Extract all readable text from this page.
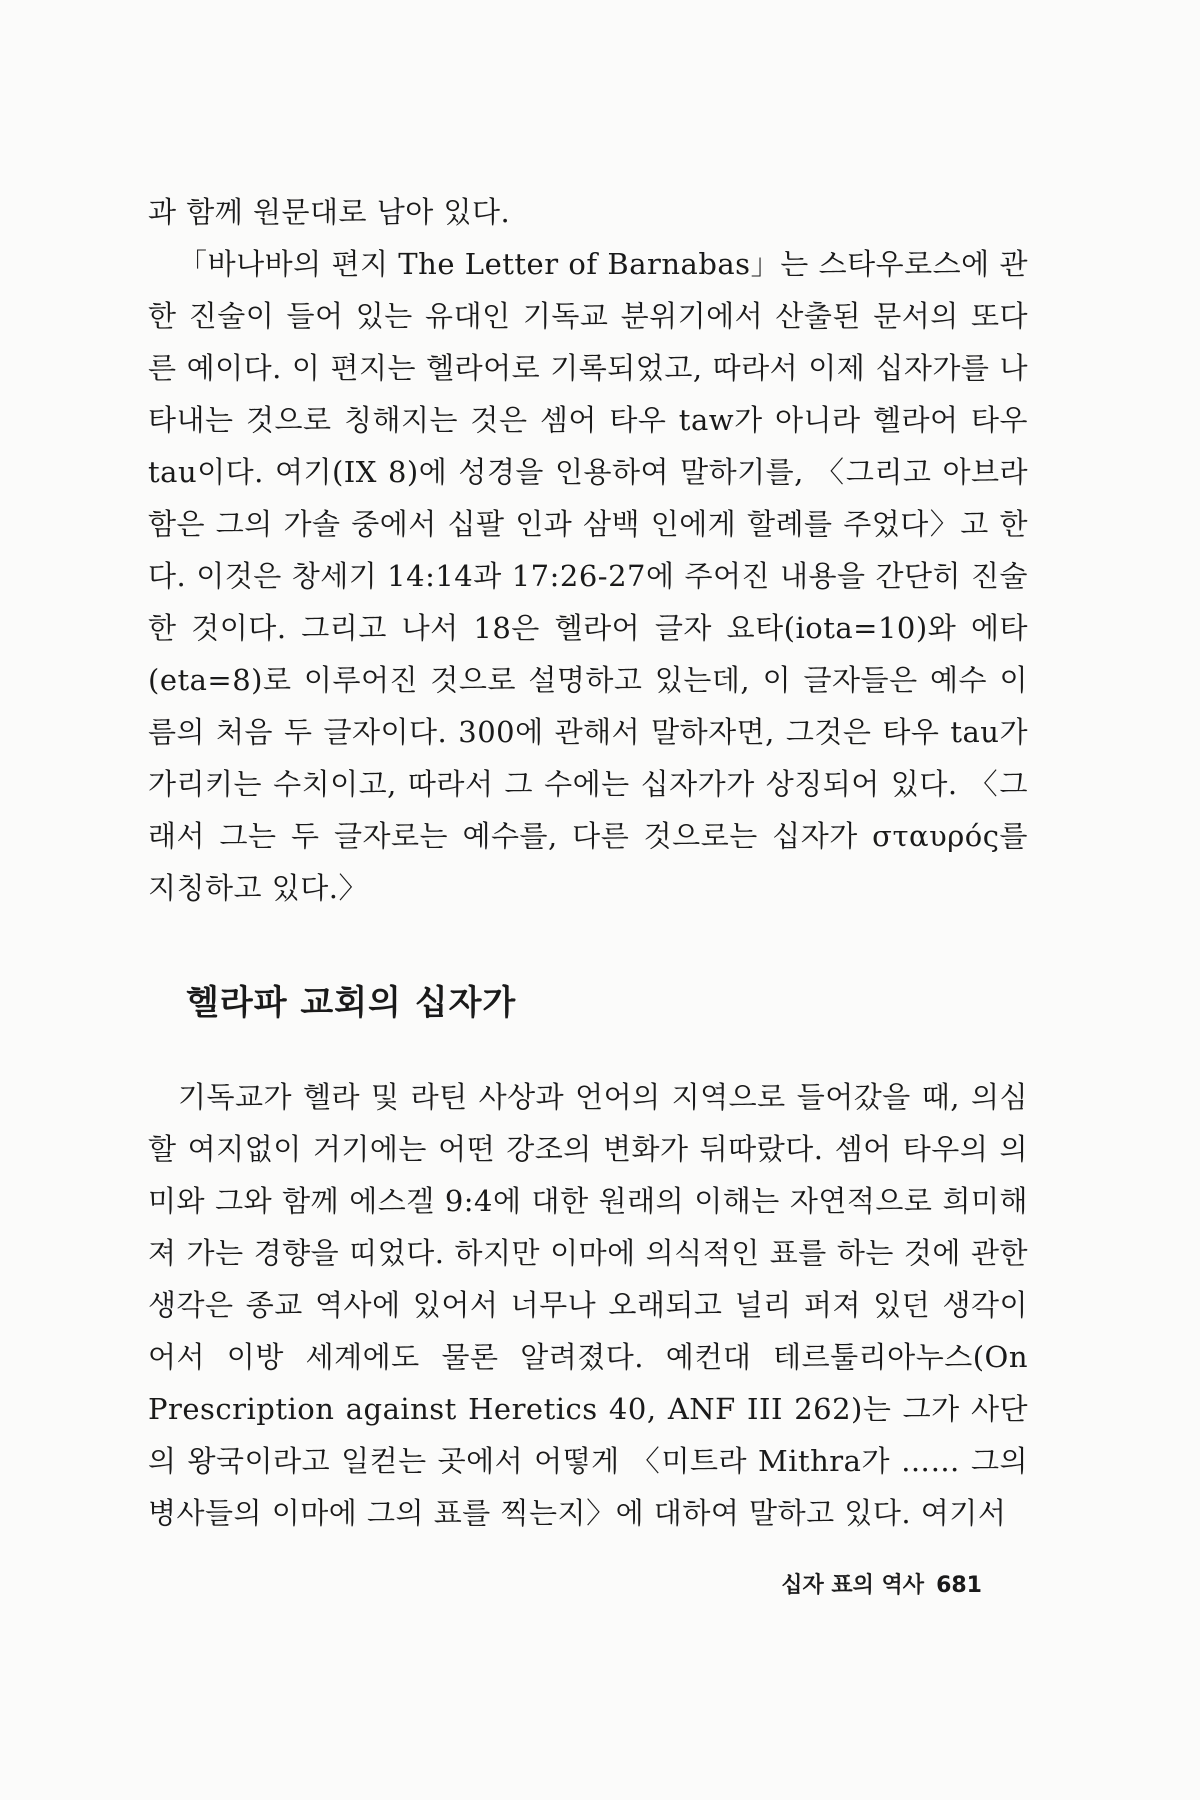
과 함께 원문대로 남아 있다.

「바나바의 편지 The Letter of Barnabas」는 스타우로스에 관한 진술이 들어 있는 유대인 기독교 분위기에서 산출된 문서의 또다른 예이다. 이 편지는 헬라어로 기록되었고, 따라서 이제 십자가를 나타내는 것으로 칭해지는 것은 셈어 타우 taw가 아니라 헬라어 타우 tau이다. 여기(IX 8)에 성경을 인용하여 말하기를, 〈그리고 아브라함은 그의 가솔 중에서 십팔 인과 삼백 인에게 할례를 주었다〉고 한다. 이것은 창세기 14:14과 17:26-27에 주어진 내용을 간단히 진술한 것이다. 그리고 나서 18은 헬라어 글자 요타(iota=10)와 에타(eta=8)로 이루어진 것으로 설명하고 있는데, 이 글자들은 예수 이름의 처음 두 글자이다. 300에 관해서 말하자면, 그것은 타우 tau가 가리키는 수치이고, 따라서 그 수에는 십자가가 상징되어 있다. 〈그래서 그는 두 글자로는 예수를, 다른 것으로는 십자가 σταυρός를 지칭하고 있다.〉

헬라파 교회의 십자가

기독교가 헬라 및 라틴 사상과 언어의 지역으로 들어갔을 때, 의심할 여지없이 거기에는 어떤 강조의 변화가 뒤따랐다. 셈어 타우의 의미와 그와 함께 에스겔 9:4에 대한 원래의 이해는 자연적으로 희미해져 가는 경향을 띠었다. 하지만 이마에 의식적인 표를 하는 것에 관한 생각은 종교 역사에 있어서 너무나 오래되고 널리 퍼져 있던 생각이어서 이방 세계에도 물론 알려졌다. 예컨대 테르툴리아누스(On Prescription against Heretics 40, ANF III 262)는 그가 사단의 왕국이라고 일컫는 곳에서 어떻게 〈미트라 Mithra가 …… 그의 병사들의 이마에 그의 표를 찍는지〉에 대하여 말하고 있다. 여기서

십자 표의 역사 681
